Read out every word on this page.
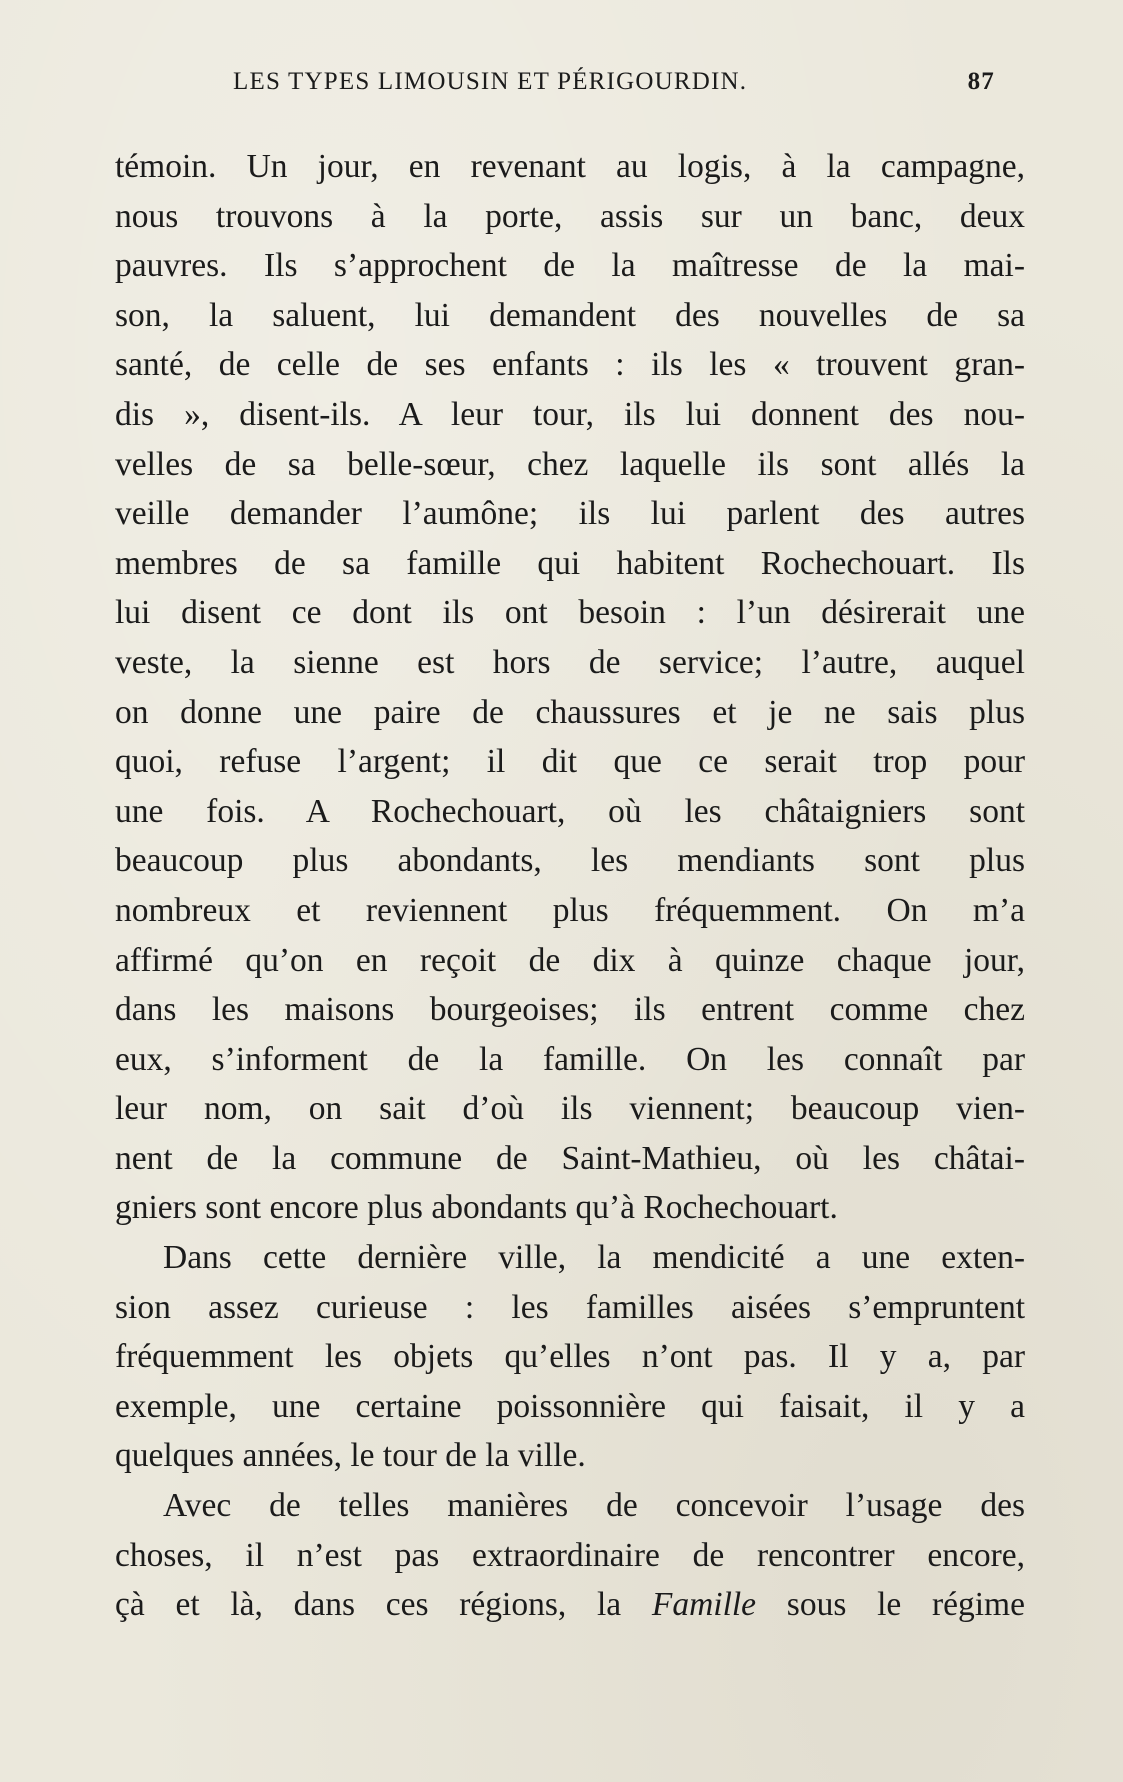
LES TYPES LIMOUSIN ET PÉRIGOURDIN.	87
témoin. Un jour, en revenant au logis, à la campagne,
nous trouvons à la porte, assis sur un banc, deux
pauvres. Ils s’approchent de la maîtresse de la mai-
son, la saluent, lui demandent des nouvelles de sa
santé, de celle de ses enfants : ils les « trouvent gran-
dis », disent-ils. A leur tour, ils lui donnent des nou-
velles de sa belle-sœur, chez laquelle ils sont allés la
veille demander l’aumône; ils lui parlent des autres
membres de sa famille qui habitent Rochechouart. Ils
lui disent ce dont ils ont besoin : l’un désirerait une
veste, la sienne est hors de service; l’autre, auquel
on donne une paire de chaussures et je ne sais plus
quoi, refuse l’argent; il dit que ce serait trop pour
une fois. A Rochechouart, où les châtaigniers sont
beaucoup plus abondants, les mendiants sont plus
nombreux et reviennent plus fréquemment. On m’a
affirmé qu’on en reçoit de dix à quinze chaque jour,
dans les maisons bourgeoises; ils entrent comme chez
eux, s’informent de la famille. On les connaît par
leur nom, on sait d’où ils viennent; beaucoup vien-
nent de la commune de Saint-Mathieu, où les châtai-
gniers sont encore plus abondants qu’à Rochechouart.
Dans cette dernière ville, la mendicité a une exten-
sion assez curieuse : les familles aisées s’empruntent
fréquemment les objets qu’elles n’ont pas. Il y a, par
exemple, une certaine poissonnière qui faisait, il y a
quelques années, le tour de la ville.
Avec de telles manières de concevoir l’usage des
choses, il n’est pas extraordinaire de rencontrer encore,
çà et là, dans ces régions, la Famille sous le régime
